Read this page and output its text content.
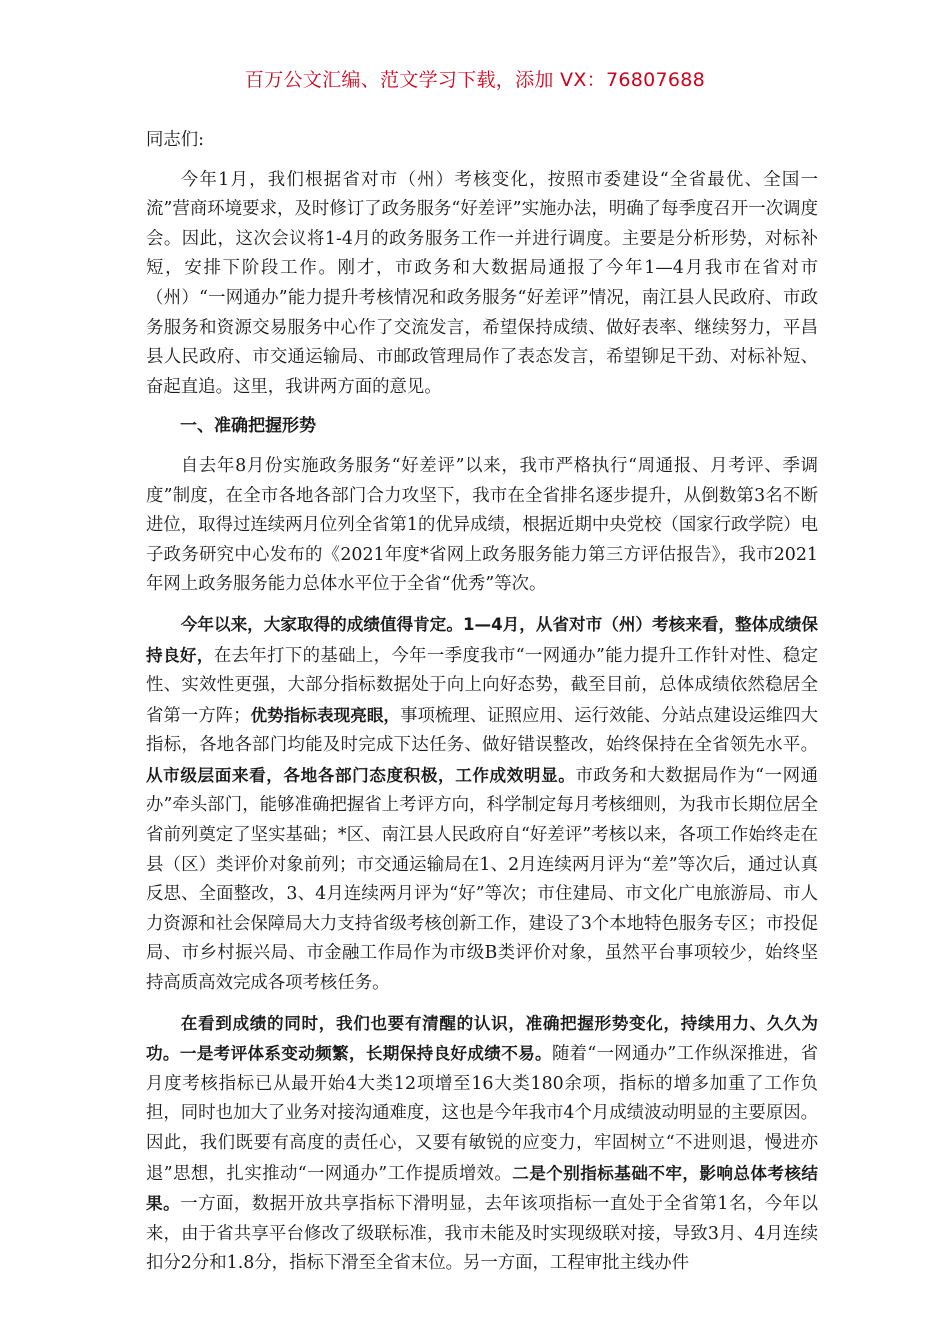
百万公文汇编、范文学习下载，添加 VX：76807688

同志们:

今年1月，我们根据省对市（州）考核变化，按照市委建设“全省最优、全国一流”营商环境要求，及时修订了政务服务“好差评”实施办法，明确了每季度召开一次调度会。因此，这次会议将1-4月的政务服务工作一并进行调度。主要是分析形势，对标补短，安排下阶段工作。刚才，市政务和大数据局通报了今年1—4月我市在省对市（州）“一网通办”能力提升考核情况和政务服务“好差评”情况，南江县人民政府、市政务服务和资源交易服务中心作了交流发言，希望保持成绩、做好表率、继续努力，平昌县人民政府、市交通运输局、市邮政管理局作了表态发言，希望铆足干劲、对标补短、奋起直追。这里，我讲两方面的意见。

一、准确把握形势

自去年8月份实施政务服务“好差评”以来，我市严格执行“周通报、月考评、季调度”制度，在全市各地各部门合力攻坚下，我市在全省排名逐步提升，从倒数第3名不断进位，取得过连续两月位列全省第1的优异成绩，根据近期中央党校（国家行政学院）电子政务研究中心发布的《2021年度*省网上政务服务能力第三方评估报告》，我市2021年网上政务服务能力总体水平位于全省“优秀”等次。

今年以来，大家取得的成绩值得肯定。1—4月，从省对市（州）考核来看，整体成绩保持良好，在去年打下的基础上，今年一季度我市“一网通办”能力提升工作针对性、稳定性、实效性更强，大部分指标数据处于向上向好态势，截至目前，总体成绩依然稳居全省第一方阵；优势指标表现亮眼，事项梳理、证照应用、运行效能、分站点建设运维四大指标，各地各部门均能及时完成下达任务、做好错误整改，始终保持在全省领先水平。从市级层面来看，各地各部门态度积极，工作成效明显。市政务和大数据局作为“一网通办”牵头部门，能够准确把握省上考评方向，科学制定每月考核细则，为我市长期位居全省前列奠定了坚实基础；*区、南江县人民政府自“好差评”考核以来，各项工作始终走在县（区）类评价对象前列；市交通运输局在1、2月连续两月评为“差”等次后，通过认真反思、全面整改，3、4月连续两月评为“好”等次；市住建局、市文化广电旅游局、市人力资源和社会保障局大力支持省级考核创新工作，建设了3个本地特色服务专区；市投促局、市乡村振兴局、市金融工作局作为市级B类评价对象，虽然平台事项较少，始终坚持高质高效完成各项考核任务。

在看到成绩的同时，我们也要有清醒的认识，准确把握形势变化，持续用力、久久为功。一是考评体系变动频繁，长期保持良好成绩不易。随着“一网通办”工作纵深推进，省月度考核指标已从最开始4大类12项增至16大类180余项，指标的增多加重了工作负担，同时也加大了业务对接沟通难度，这也是今年我市4个月成绩波动明显的主要原因。因此，我们既要有高度的责任心，又要有敏锐的应变力，牢固树立“不进则退，慢进亦退”思想，扎实推动“一网通办”工作提质增效。二是个别指标基础不牢，影响总体考核结果。一方面，数据开放共享指标下滑明显，去年该项指标一直处于全省第1名，今年以来，由于省共享平台修改了级联标准，我市未能及时实现级联对接，导致3月、4月连续扣分2分和1.8分，指标下滑至全省末位。另一方面，工程审批主线办件
